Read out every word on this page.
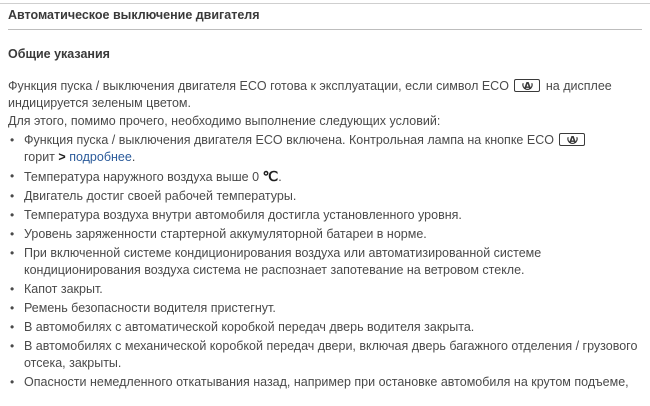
Автоматическое выключение двигателя
Общие указания

Функция пуска / выключения двигателя ECO готова к эксплуатации, если символ ECO A на дисплее индицируется зеленым цветом.

Для этого, помимо прочего, необходимо выполнение следующих условий:

• Функция пуска / выключения двигателя ECO включена. Контрольная лампа на кнопке ECO A

горит > подробнее.
• Температура наружного воздуха выше 0 ℃.
• Двигатель достиг своей рабочей температуры.
• Температура воздуха внутри автомобиля достигла установленного уровня.
• Уровень заряженности стартерной аккумуляторной батареи в норме.
• При включенной системе кондиционирования воздуха или автоматизированной системе кондиционирования воздуха система не распознает запотевание на ветровом стекле.
• Капот закрыт.
• Ремень безопасности водителя пристегнут.
• В автомобилях с автоматической коробкой передач дверь водителя закрыта.
• В автомобилях с механической коробкой передач двери, включая дверь багажного отделения / грузового отсека, закрыты.
• Опасности немедленного откатывания назад, например при остановке автомобиля на крутом подъеме,
